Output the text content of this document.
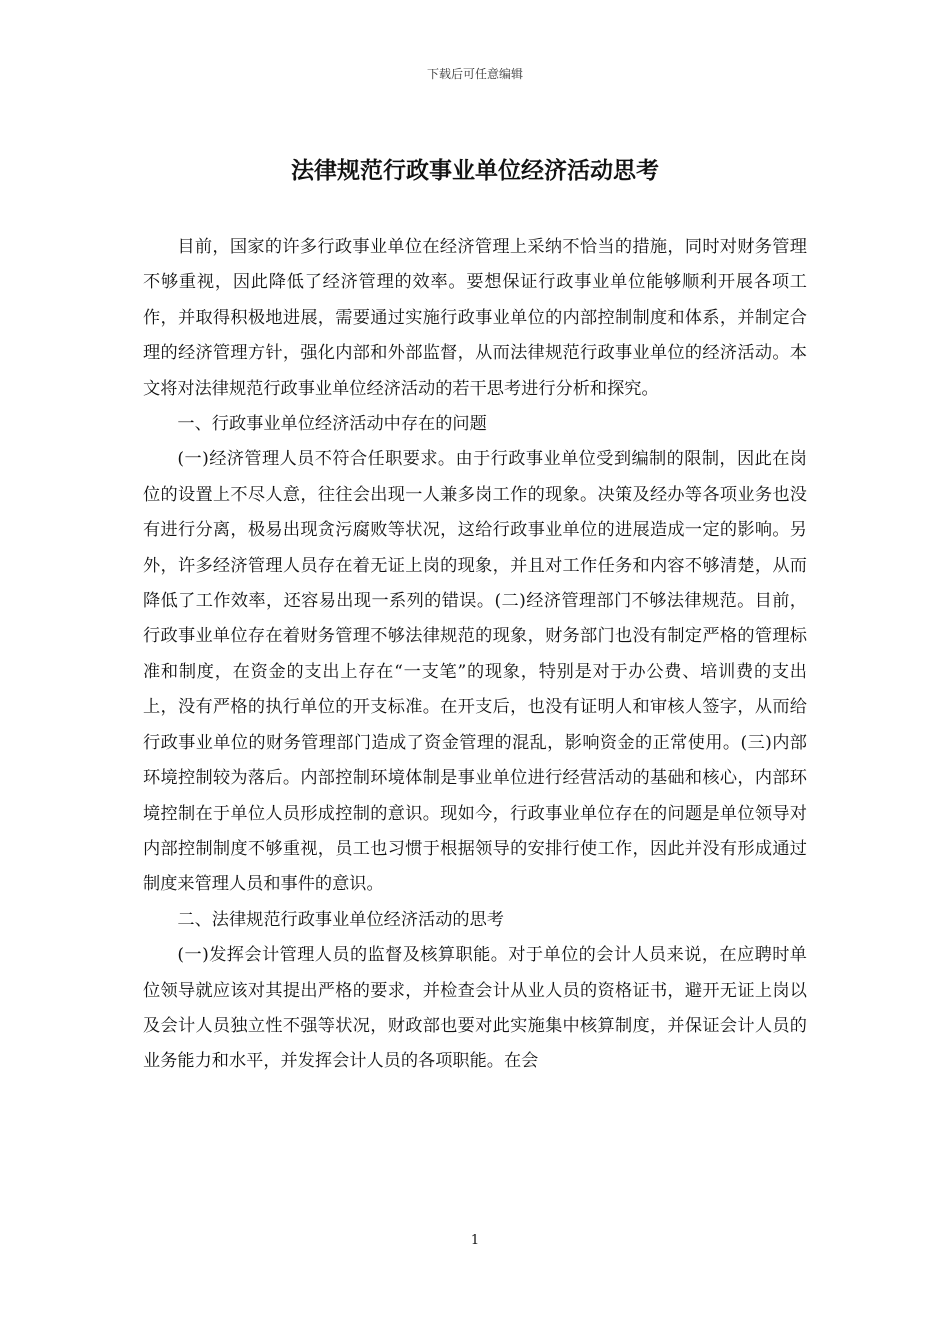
下载后可任意编辑
法律规范行政事业单位经济活动思考

目前，国家的许多行政事业单位在经济管理上采纳不恰当的措施，同时对财务管理不够重视，因此降低了经济管理的效率。要想保证行政事业单位能够顺利开展各项工作，并取得积极地进展，需要通过实施行政事业单位的内部控制制度和体系，并制定合理的经济管理方针，强化内部和外部监督，从而法律规范行政事业单位的经济活动。本文将对法律规范行政事业单位经济活动的若干思考进行分析和探究。

一、行政事业单位经济活动中存在的问题

(一)经济管理人员不符合任职要求。由于行政事业单位受到编制的限制，因此在岗位的设置上不尽人意，往往会出现一人兼多岗工作的现象。决策及经办等各项业务也没有进行分离，极易出现贪污腐败等状况，这给行政事业单位的进展造成一定的影响。另外，许多经济管理人员存在着无证上岗的现象，并且对工作任务和内容不够清楚，从而降低了工作效率，还容易出现一系列的错误。(二)经济管理部门不够法律规范。目前，行政事业单位存在着财务管理不够法律规范的现象，财务部门也没有制定严格的管理标准和制度，在资金的支出上存在“一支笔”的现象，特别是对于办公费、培训费的支出上，没有严格的执行单位的开支标准。在开支后，也没有证明人和审核人签字，从而给行政事业单位的财务管理部门造成了资金管理的混乱，影响资金的正常使用。(三)内部环境控制较为落后。内部控制环境体制是事业单位进行经营活动的基础和核心，内部环境控制在于单位人员形成控制的意识。现如今，行政事业单位存在的问题是单位领导对内部控制制度不够重视，员工也习惯于根据领导的安排行使工作，因此并没有形成通过制度来管理人员和事件的意识。

二、法律规范行政事业单位经济活动的思考

(一)发挥会计管理人员的监督及核算职能。对于单位的会计人员来说，在应聘时单位领导就应该对其提出严格的要求，并检查会计从业人员的资格证书，避开无证上岗以及会计人员独立性不强等状况，财政部也要对此实施集中核算制度，并保证会计人员的业务能力和水平，并发挥会计人员的各项职能。在会

1
